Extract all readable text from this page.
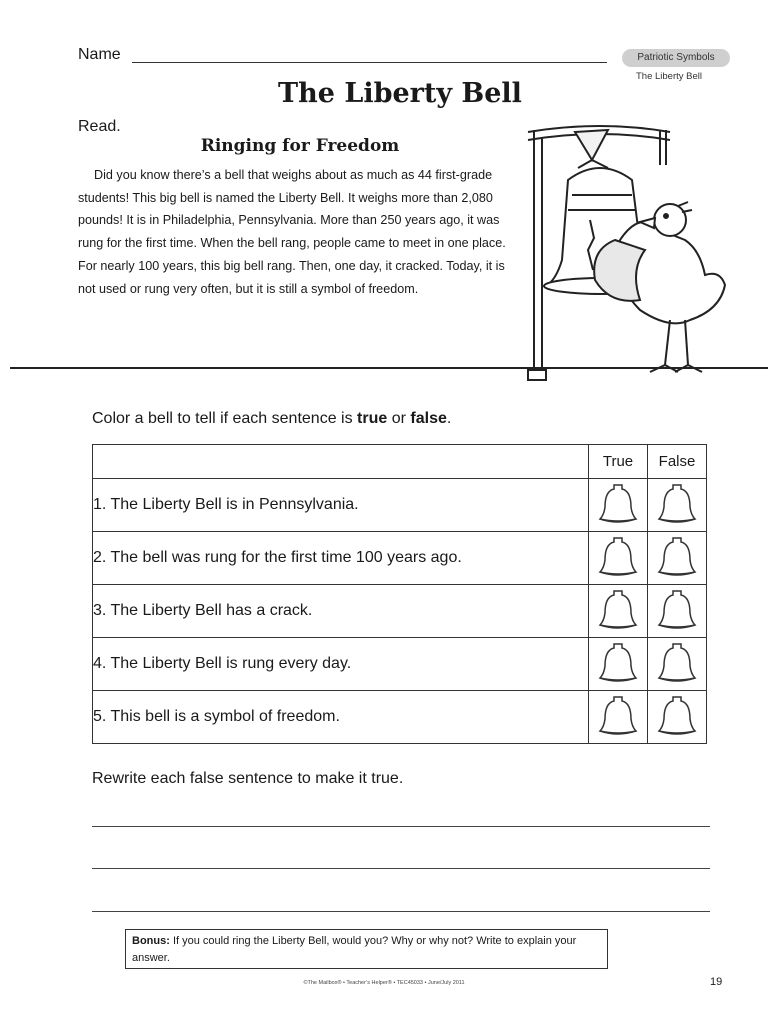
Name	Patriotic Symbols
The Liberty Bell
The Liberty Bell
Read.
Ringing for Freedom

Did you know there’s a bell that weighs about as much as 44 first-grade students! This big bell is named the Liberty Bell. It weighs more than 2,080 pounds! It is in Philadelphia, Pennsylvania. More than 250 years ago, it was rung for the first time. When the bell rang, people came to meet in one place. For nearly 100 years, this big bell rang. Then, one day, it cracked. Today, it is not used or rung very often, but it is still a symbol of freedom.

Color a bell to tell if each sentence is true or false.
	True	False
1. The Liberty Bell is in Pennsylvania.		
2. The bell was rung for the first time 100 years ago.		
3. The Liberty Bell has a crack.		
4. The Liberty Bell is rung every day.		
5. This bell is a symbol of freedom.		
Rewrite each false sentence to make it true.
Bonus: If you could ring the Liberty Bell, would you? Why or why not? Write to explain your answer.
©The Mailbox® • Teacher’s Helper® • TEC45033 • June/July 2011	19
